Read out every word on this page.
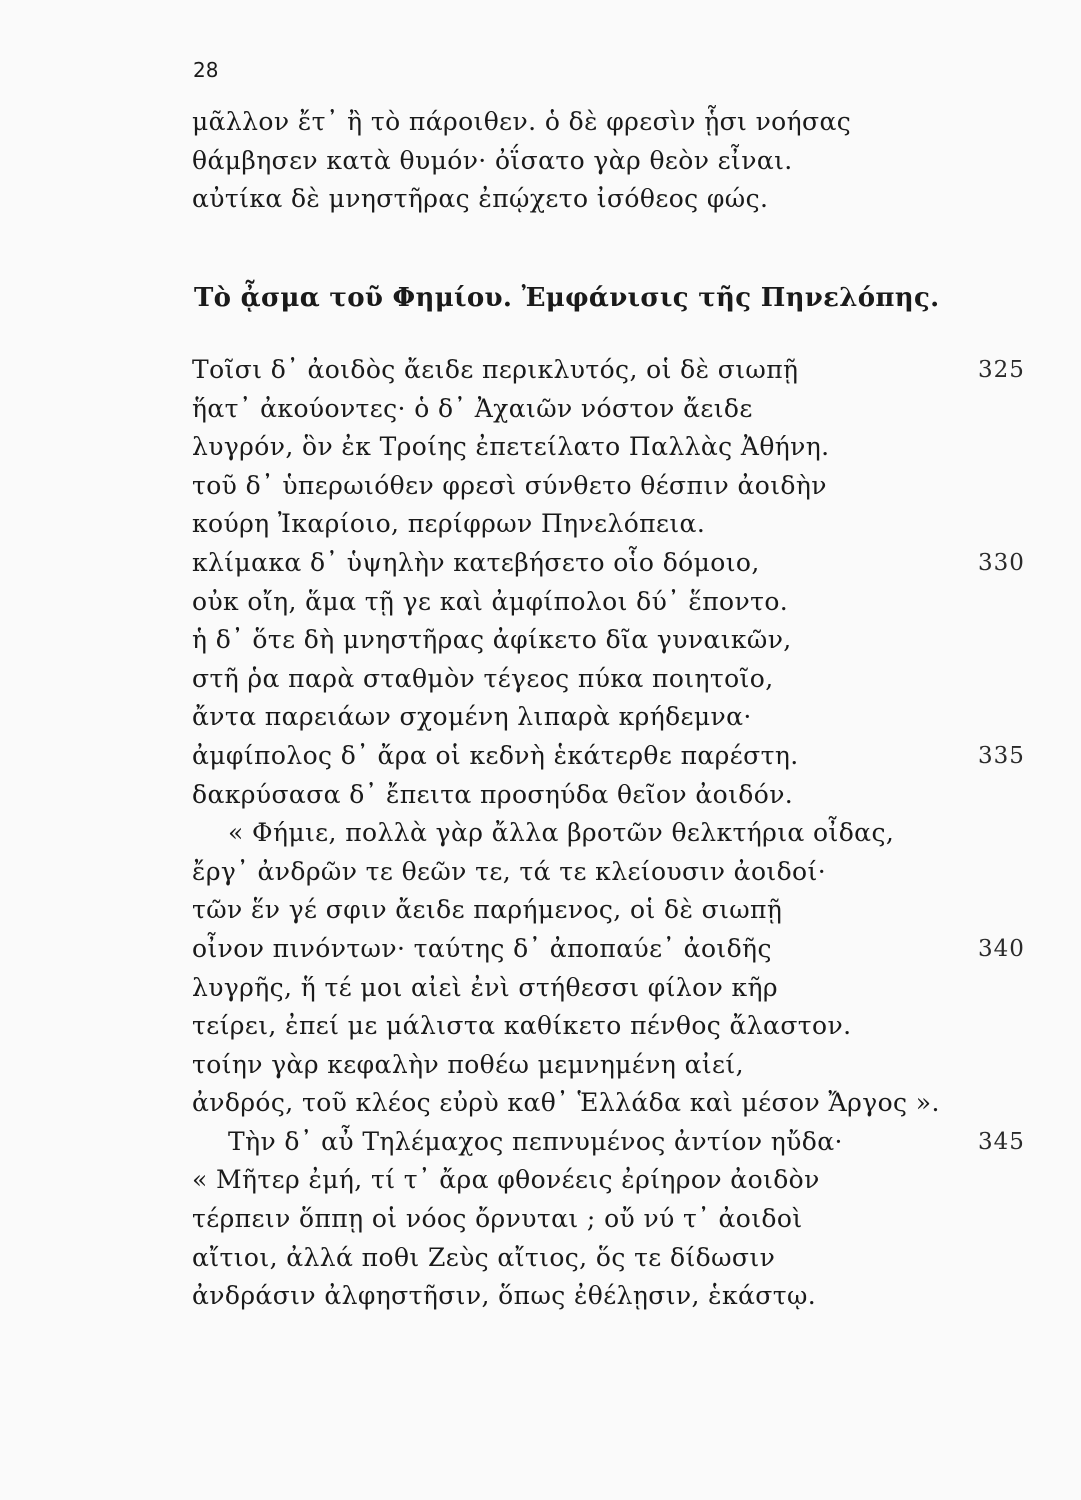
28
μᾶλλον ἔτ᾽ ἢ τὸ πάροιθεν. ὁ δὲ φρεσὶν ᾗσι νοήσας
θάμβησεν κατὰ θυμόν· ὀΐσατο γὰρ θεὸν εἶναι.
αὐτίκα δὲ μνηστῆρας ἐπῴχετο ἰσόθεος φώς.
Τὸ ᾆσμα τοῦ Φημίου. Ἐμφάνισις τῆς Πηνελόπης.
Τοῖσι δ᾽ ἀοιδὸς ἄειδε περικλυτός, οἱ δὲ σιωπῇ	325
ἥατ᾽ ἀκούοντες· ὁ δ᾽ Ἀχαιῶν νόστον ἄειδε
λυγρόν, ὃν ἐκ Τροίης ἐπετείλατο Παλλὰς Ἀθήνη.
τοῦ δ᾽ ὑπερωιόθεν φρεσὶ σύνθετο θέσπιν ἀοιδὴν
κούρη Ἰκαρίοιο, περίφρων Πηνελόπεια.
κλίμακα δ᾽ ὑψηλὴν κατεβήσετο οἷο δόμοιο,	330
οὐκ οἴη, ἅμα τῇ γε καὶ ἀμφίπολοι δύ᾽ ἕποντο.
ἡ δ᾽ ὅτε δὴ μνηστῆρας ἀφίκετο δῖα γυναικῶν,
στῆ ῥα παρὰ σταθμὸν τέγεος πύκα ποιητοῖο,
ἄντα παρειάων σχομένη λιπαρὰ κρήδεμνα·
ἀμφίπολος δ᾽ ἄρα οἱ κεδνὴ ἑκάτερθε παρέστη.	335
δακρύσασα δ᾽ ἔπειτα προσηύδα θεῖον ἀοιδόν.
« Φήμιε, πολλὰ γὰρ ἄλλα βροτῶν θελκτήρια οἶδας,
ἔργ᾽ ἀνδρῶν τε θεῶν τε, τά τε κλείουσιν ἀοιδοί·
τῶν ἕν γέ σφιν ἄειδε παρήμενος, οἱ δὲ σιωπῇ
οἶνον πινόντων· ταύτης δ᾽ ἀποπαύε᾽ ἀοιδῆς	340
λυγρῆς, ἥ τέ μοι αἰεὶ ἐνὶ στήθεσσι φίλον κῆρ
τείρει, ἐπεί με μάλιστα καθίκετο πένθος ἄλαστον.
τοίην γὰρ κεφαλὴν ποθέω μεμνημένη αἰεί,
ἀνδρός, τοῦ κλέος εὐρὺ καθ᾽ Ἑλλάδα καὶ μέσον Ἄργος ».
Τὴν δ᾽ αὖ Τηλέμαχος πεπνυμένος ἀντίον ηὔδα·	345
« Μῆτερ ἐμή, τί τ᾽ ἄρα φθονέεις ἐρίηρον ἀοιδὸν
τέρπειν ὅππῃ οἱ νόος ὄρνυται ; οὔ νύ τ᾽ ἀοιδοὶ
αἴτιοι, ἀλλά ποθι Ζεὺς αἴτιος, ὅς τε δίδωσιν
ἀνδράσιν ἀλφηστῆσιν, ὅπως ἐθέλῃσιν, ἑκάστῳ.
